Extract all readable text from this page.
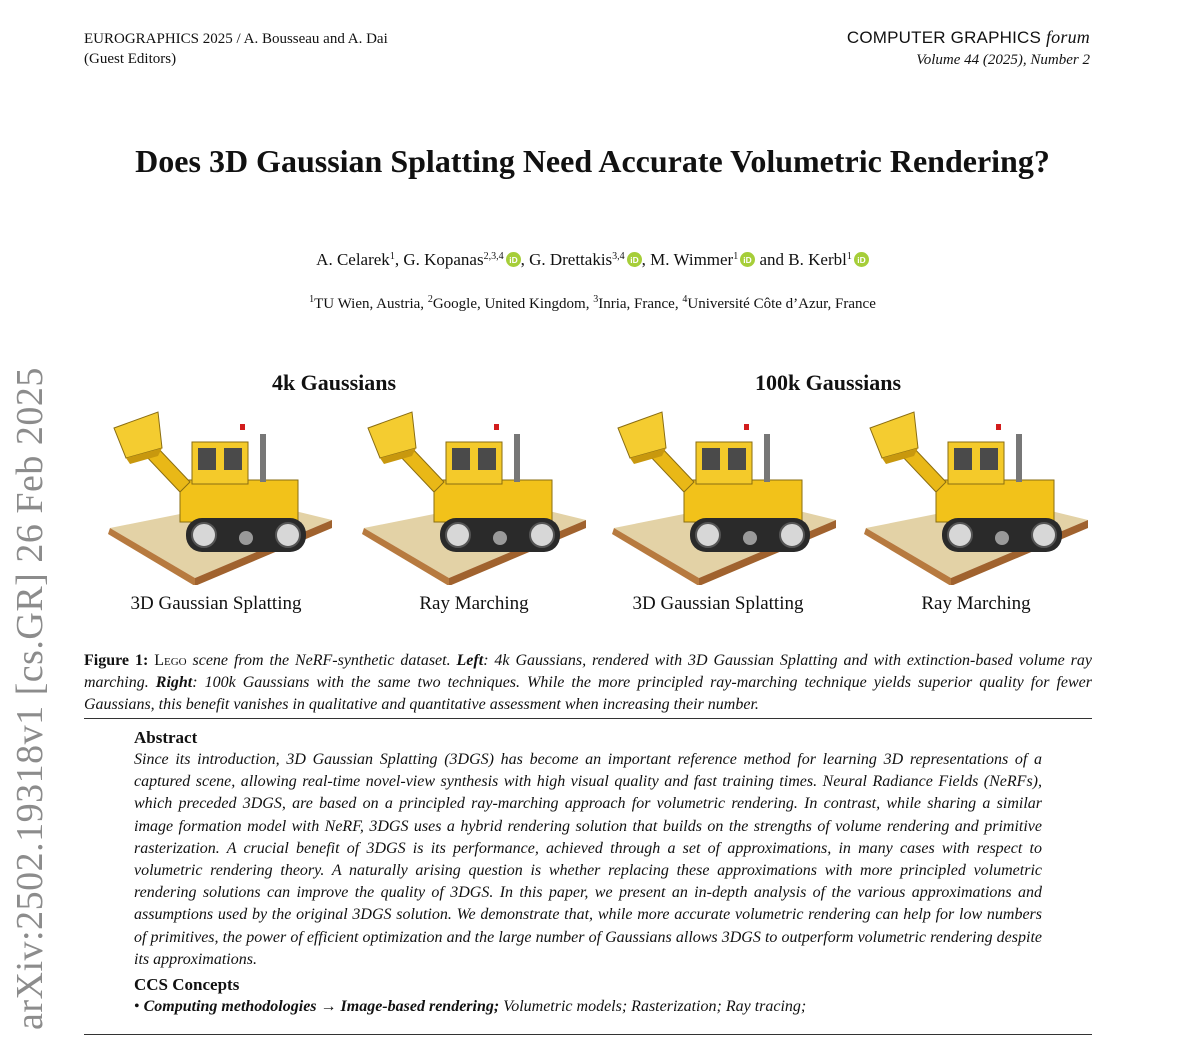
EUROGRAPHICS 2025 / A. Bousseau and A. Dai
(Guest Editors)
COMPUTER GRAPHICS forum
Volume 44 (2025), Number 2
arXiv:2502.19318v1 [cs.GR] 26 Feb 2025
Does 3D Gaussian Splatting Need Accurate Volumetric Rendering?
A. Celarek$^1$, G. Kopanas$^{2,3,4}$ iD , G. Drettakis$^{3,4}$ iD , M. Wimmer$^1$ iD and B. Kerbl$^1$ iD
$^1$TU Wien, Austria, $^2$Google, United Kingdom, $^3$Inria, France, $^4$Université Côte d’Azur, France
4k Gaussians	100k Gaussians
3D Gaussian Splatting	Ray Marching	3D Gaussian Splatting	Ray Marching
Figure 1: Lego scene from the NeRF-synthetic dataset. Left: 4k Gaussians, rendered with 3D Gaussian Splatting and with extinction-based volume ray marching. Right: 100k Gaussians with the same two techniques. While the more principled ray-marching technique yields superior quality for fewer Gaussians, this benefit vanishes in qualitative and quantitative assessment when increasing their number.
Abstract
Since its introduction, 3D Gaussian Splatting (3DGS) has become an important reference method for learning 3D representations of a captured scene, allowing real-time novel-view synthesis with high visual quality and fast training times. Neural Radiance Fields (NeRFs), which preceded 3DGS, are based on a principled ray-marching approach for volumetric rendering. In contrast, while sharing a similar image formation model with NeRF, 3DGS uses a hybrid rendering solution that builds on the strengths of volume rendering and primitive rasterization. A crucial benefit of 3DGS is its performance, achieved through a set of approximations, in many cases with respect to volumetric rendering theory. A naturally arising question is whether replacing these approximations with more principled volumetric rendering solutions can improve the quality of 3DGS. In this paper, we present an in-depth analysis of the various approximations and assumptions used by the original 3DGS solution. We demonstrate that, while more accurate volumetric rendering can help for low numbers of primitives, the power of efficient optimization and the large number of Gaussians allows 3DGS to outperform volumetric rendering despite its approximations.
CCS Concepts
• Computing methodologies → Image-based rendering; Volumetric models; Rasterization; Ray tracing;
